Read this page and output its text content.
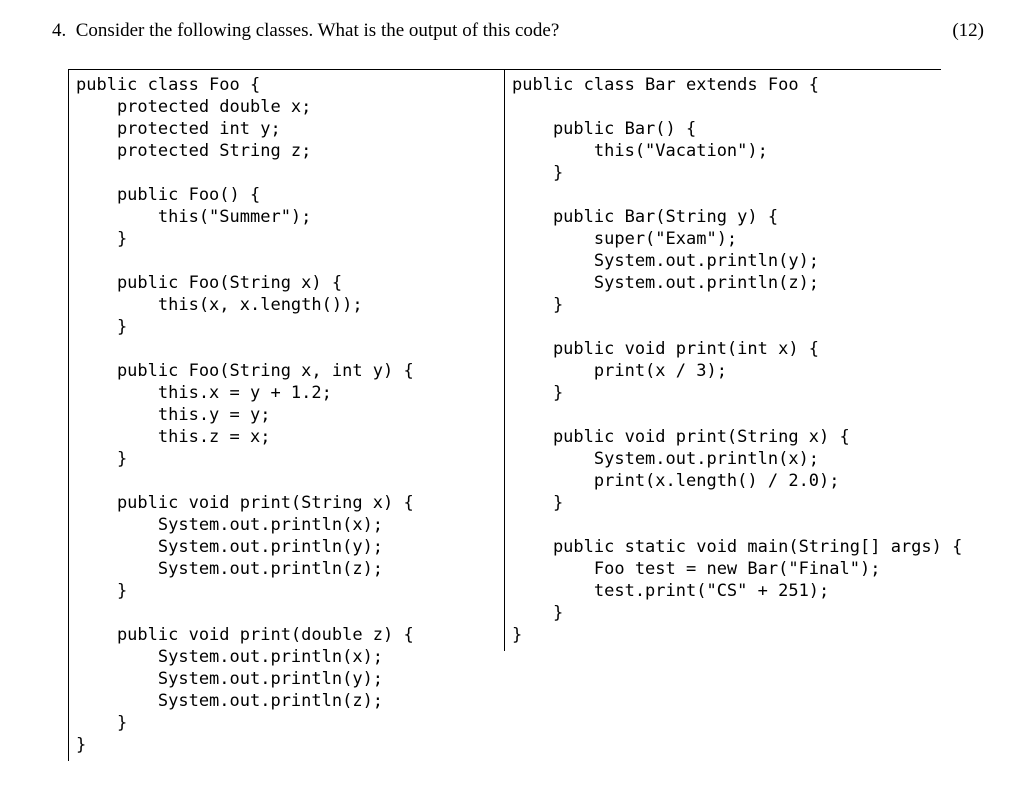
4.  Consider the following classes. What is the output of this code?	(12)
public class Foo {
protected double x;
protected int y;
protected String z;
public Foo() {
this("Summer");
}
public Foo(String x) {
this(x, x.length());
}
public Foo(String x, int y) {
this.x = y + 1.2;
this.y = y;
this.z = x;
}
public void print(String x) {
System.out.println(x);
System.out.println(y);
System.out.println(z);
}
public void print(double z) {
System.out.println(x);
System.out.println(y);
System.out.println(z);
}
}
public class Bar extends Foo {
public Bar() {
this("Vacation");
}
public Bar(String y) {
super("Exam");
System.out.println(y);
System.out.println(z);
}
public void print(int x) {
print(x / 3);
}
public void print(String x) {
System.out.println(x);
print(x.length() / 2.0);
}
public static void main(String[] args) {
Foo test = new Bar("Final");
test.print("CS" + 251);
}
}
